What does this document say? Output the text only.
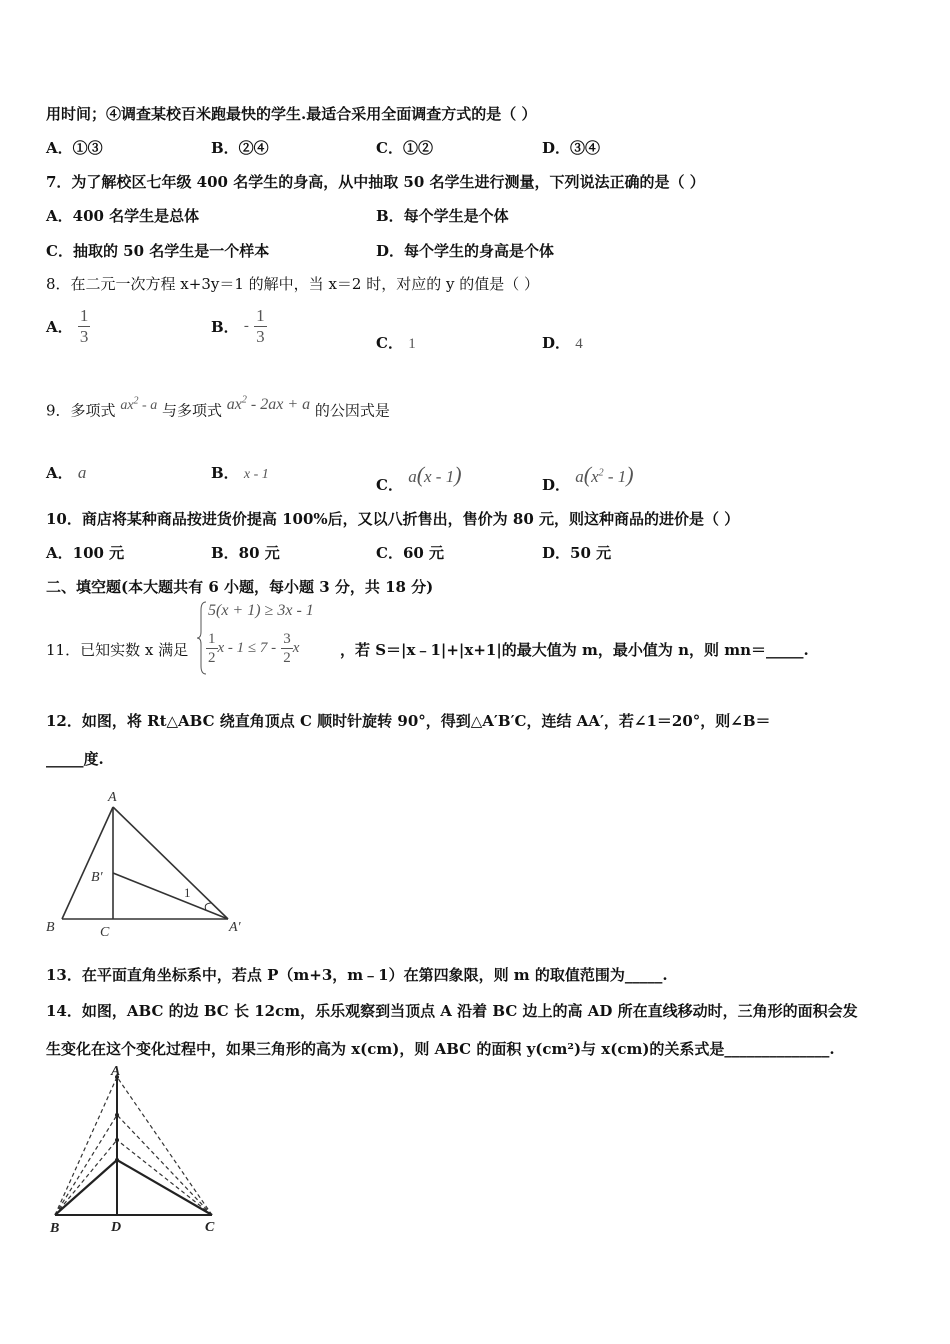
用时间；④调查某校百米跑最快的学生.最适合采用全面调查方式的是（ ）
A．①③	B．②④	C．①②	D．③④
7．为了解校区七年级 400 名学生的身高，从中抽取 50 名学生进行测量，下列说法正确的是（ ）
A．400 名学生是总体	B．每个学生是个体
C．抽取的 50 名学生是一个样本	D．每个学生的身高是个体
8．在二元一次方程 x+3y＝1 的解中，当 x＝2 时，对应的 y 的值是（ ）
A． $\frac{1}{3}$	B． - $\frac{1}{3}$	C． 1	D． 4
9．多项式 $ax^2$ - a 与多项式 $ax^2 - 2ax + a$ 的公因式是
A． a	B． x - 1
C． a(x - 1)	D． $a(x^2 - 1)$
10．商店将某种商品按进货价提高 100%后，又以八折售出，售价为 80 元，则这种商品的进价是（ ）
A．100 元	B．80 元	C．60 元	D．50 元
二、填空题(本大题共有 6 小题，每小题 3 分，共 18 分)
11．已知实数 x 满足
5(x + 1) ≥ 3x - 1
$\frac{1}{2}$ $x - 1 \le 7 - \frac{3}{2}$ x	，若 S＝|x﹣1|+|x+1|的最大值为 m，最小值为 n，则 mn＝_____.
12．如图，将 Rt△ABC 绕直角顶点 C 顺时针旋转 90°，得到△A′B′C，连结 AA′，若∠1＝20°，则∠B＝
_____度.
A
B	C
B′
A′
1
13．在平面直角坐标系中，若点 P（m+3，m﹣1）在第四象限，则 m 的取值范围为_____.
14．如图，ABC 的边 BC 长 12cm，乐乐观察到当顶点 A 沿着 BC 边上的高 AD 所在直线移动时，三角形的面积会发
生变化在这个变化过程中，如果三角形的高为 x(cm)，则 ABC 的面积 y(cm²)与 x(cm)的关系式是______________.
A
B	D	C
